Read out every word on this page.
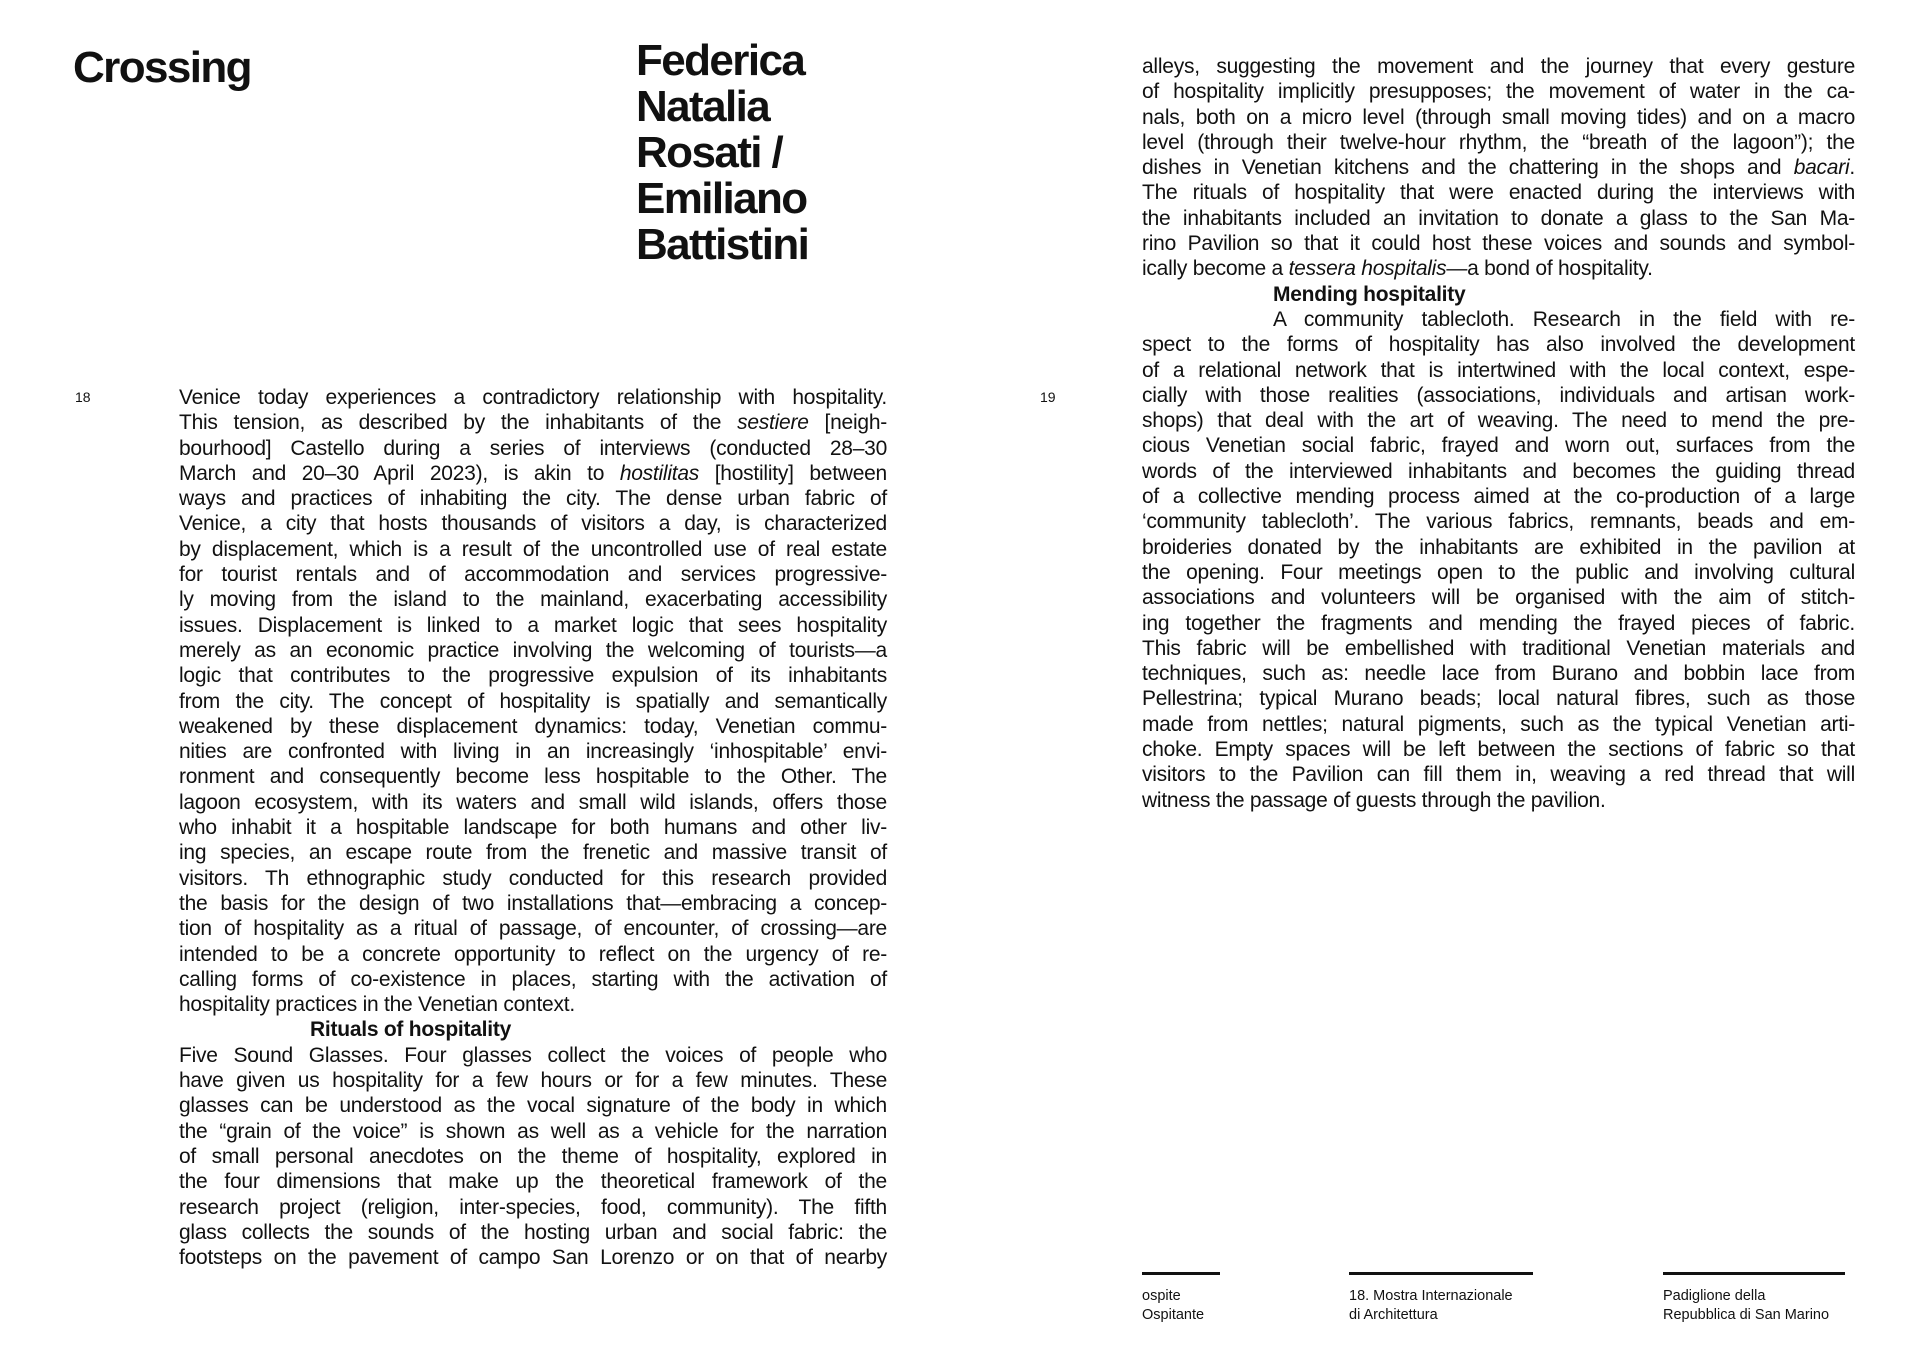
Crossing	Federica
Natalia
Rosati /
Emiliano
Battistini
18	Venice today experiences a contradictory relationship with hospitality.
This tension, as described by the inhabitants of the sestiere [neigh-
bourhood] Castello during a series of interviews (conducted 28–30
March and 20–30 April 2023), is akin to hostilitas [hostility] between
ways and practices of inhabiting the city. The dense urban fabric of
Venice, a city that hosts thousands of visitors a day, is characterized
by displacement, which is a result of the uncontrolled use of real estate
for tourist rentals and of accommodation and services progressive-
ly moving from the island to the mainland, exacerbating accessibility
issues. Displacement is linked to a market logic that sees hospitality
merely as an economic practice involving the welcoming of tourists—a
logic that contributes to the progressive expulsion of its inhabitants
from the city. The concept of hospitality is spatially and semantically
weakened by these displacement dynamics: today, Venetian commu-
nities are confronted with living in an increasingly ‘inhospitable’ envi-
ronment and consequently become less hospitable to the Other. The
lagoon ecosystem, with its waters and small wild islands, offers those
who inhabit it a hospitable landscape for both humans and other liv-
ing species, an escape route from the frenetic and massive transit of
visitors. Th ethnographic study conducted for this research provided
the basis for the design of two installations that—embracing a concep-
tion of hospitality as a ritual of passage, of encounter, of crossing—are
intended to be a concrete opportunity to reflect on the urgency of re-
calling forms of co-existence in places, starting with the activation of
hospitality practices in the Venetian context.
Rituals of hospitality
Five Sound Glasses. Four glasses collect the voices of people who
have given us hospitality for a few hours or for a few minutes. These
glasses can be understood as the vocal signature of the body in which
the “grain of the voice” is shown as well as a vehicle for the narration
of small personal anecdotes on the theme of hospitality, explored in
the four dimensions that make up the theoretical framework of the
research project (religion, inter-species, food, community). The fifth
glass collects the sounds of the hosting urban and social fabric: the
footsteps on the pavement of campo San Lorenzo or on that of nearby
19
alleys, suggesting the movement and the journey that every gesture
of hospitality implicitly presupposes; the movement of water in the ca-
nals, both on a micro level (through small moving tides) and on a macro
level (through their twelve-hour rhythm, the “breath of the lagoon”); the
dishes in Venetian kitchens and the chattering in the shops and bacari.
The rituals of hospitality that were enacted during the interviews with
the inhabitants included an invitation to donate a glass to the San Ma-
rino Pavilion so that it could host these voices and sounds and symbol-
ically become a tessera hospitalis—a bond of hospitality.
Mending hospitality
A community tablecloth. Research in the field with re-
spect to the forms of hospitality has also involved the development
of a relational network that is intertwined with the local context, espe-
cially with those realities (associations, individuals and artisan work-
shops) that deal with the art of weaving. The need to mend the pre-
cious Venetian social fabric, frayed and worn out, surfaces from the
words of the interviewed inhabitants and becomes the guiding thread
of a collective mending process aimed at the co-production of a large
‘community tablecloth’. The various fabrics, remnants, beads and em-
broideries donated by the inhabitants are exhibited in the pavilion at
the opening. Four meetings open to the public and involving cultural
associations and volunteers will be organised with the aim of stitch-
ing together the fragments and mending the frayed pieces of fabric.
This fabric will be embellished with traditional Venetian materials and
techniques, such as: needle lace from Burano and bobbin lace from
Pellestrina; typical Murano beads; local natural fibres, such as those
made from nettles; natural pigments, such as the typical Venetian arti-
choke. Empty spaces will be left between the sections of fabric so that
visitors to the Pavilion can fill them in, weaving a red thread that will
witness the passage of guests through the pavilion.
ospite
Ospitante
18. Mostra Internazionale
di Architettura
Padiglione della
Repubblica di San Marino
